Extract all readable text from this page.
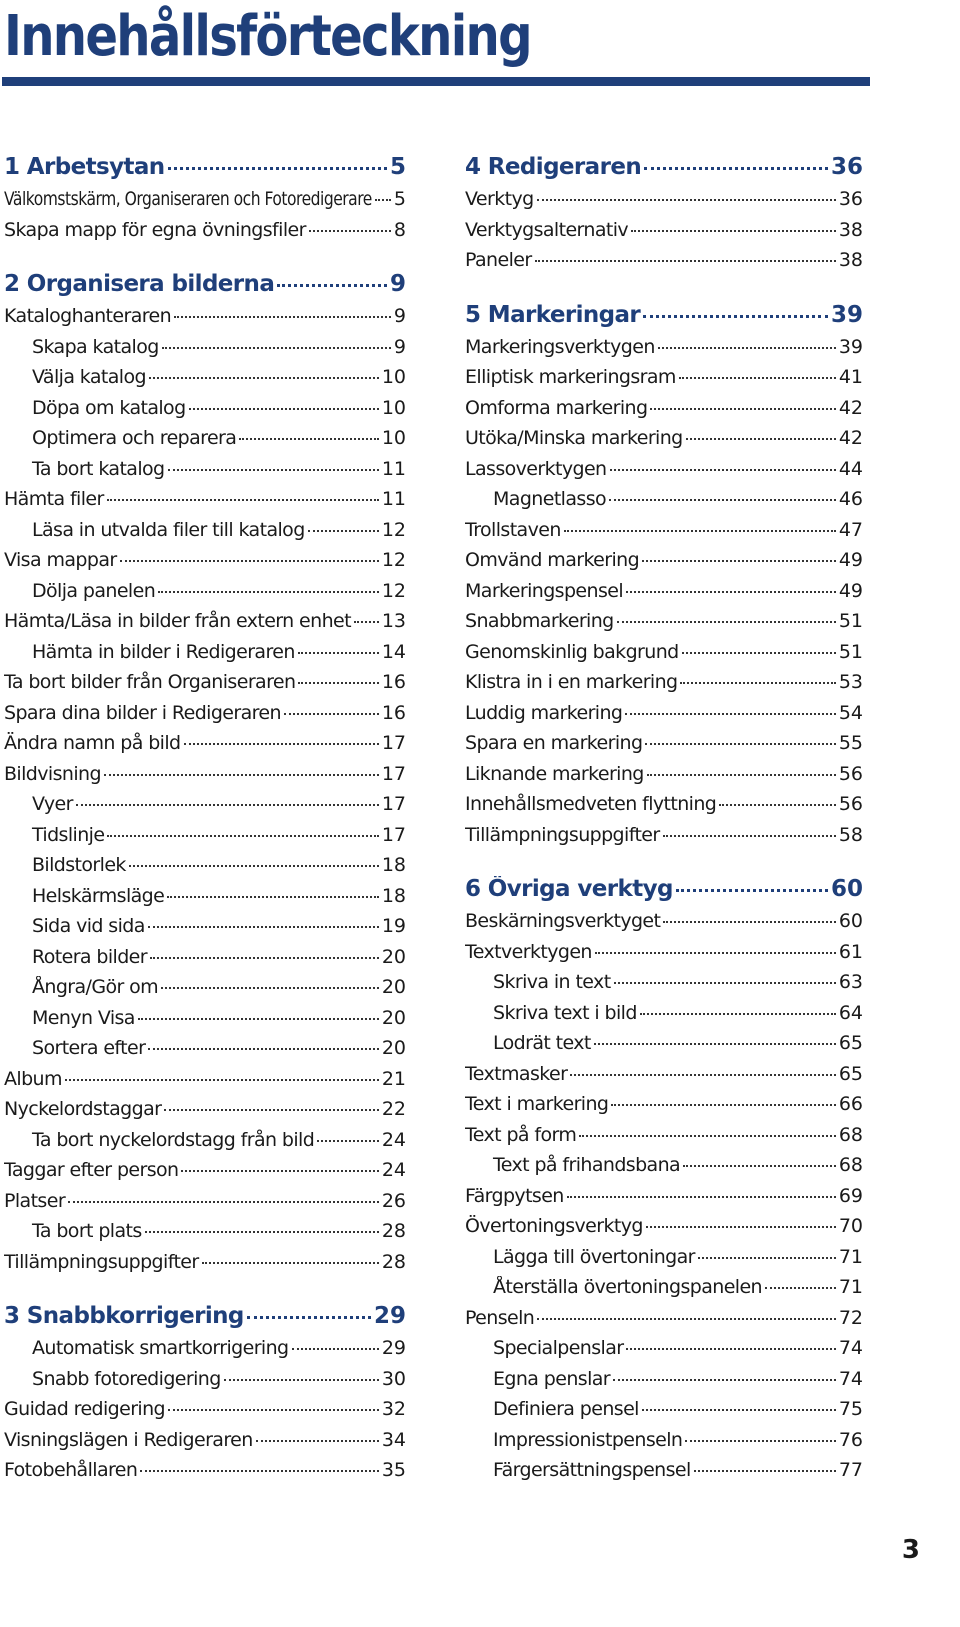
Innehållsförteckning
1 Arbetsytan	5
Välkomstskärm, Organiseraren och Fotoredigerare 5
Skapa mapp för egna övningsfiler	8
2 Organisera bilderna	9
Kataloghanteraren	9
Skapa katalog	9
Välja katalog	10
Döpa om katalog	10
Optimera och reparera	10
Ta bort katalog	11
Hämta filer	11
Läsa in utvalda filer till katalog	12
Visa mappar	12
Dölja panelen	12
Hämta/Läsa in bilder från extern enhet 13
Hämta in bilder i Redigeraren	14
Ta bort bilder från Organiseraren	16
Spara dina bilder i Redigeraren	16
Ändra namn på bild	17
Bildvisning	17
Vyer	17
Tidslinje	17
Bildstorlek	18
Helskärmsläge	18
Sida vid sida	19
Rotera bilder	20
Ångra/Gör om	20
Menyn Visa	20
Sortera efter	20
Album	21
Nyckelordstaggar	22
Ta bort nyckelordstagg från bild	24
Taggar efter person	24
Platser	26
Ta bort plats	28
Tillämpningsuppgifter	28
3 Snabbkorrigering	29
Automatisk smartkorrigering	29
Snabb fotoredigering	30
Guidad redigering	32
Visningslägen i Redigeraren	34
Fotobehållaren	35
4 Redigeraren	36
Verktyg	36
Verktygsalternativ	38
Paneler	38
5 Markeringar	39
Markeringsverktygen	39
Elliptisk markeringsram	41
Omforma markering	42
Utöka/Minska markering	42
Lassoverktygen	44
Magnetlasso	46
Trollstaven	47
Omvänd markering	49
Markeringspensel	49
Snabbmarkering	51
Genomskinlig bakgrund	51
Klistra in i en markering	53
Luddig markering	54
Spara en markering	55
Liknande markering	56
Innehållsmedveten flyttning	56
Tillämpningsuppgifter	58
6 Övriga verktyg	60
Beskärningsverktyget	60
Textverktygen	61
Skriva in text	63
Skriva text i bild	64
Lodrät text	65
Textmasker	65
Text i markering	66
Text på form	68
Text på frihandsbana	68
Färgpytsen	69
Övertoningsverktyg	70
Lägga till övertoningar	71
Återställa övertoningspanelen	71
Penseln	72
Specialpenslar	74
Egna penslar	74
Definiera pensel	75
Impressionistpenseln	76
Färgersättningspensel	77
3
